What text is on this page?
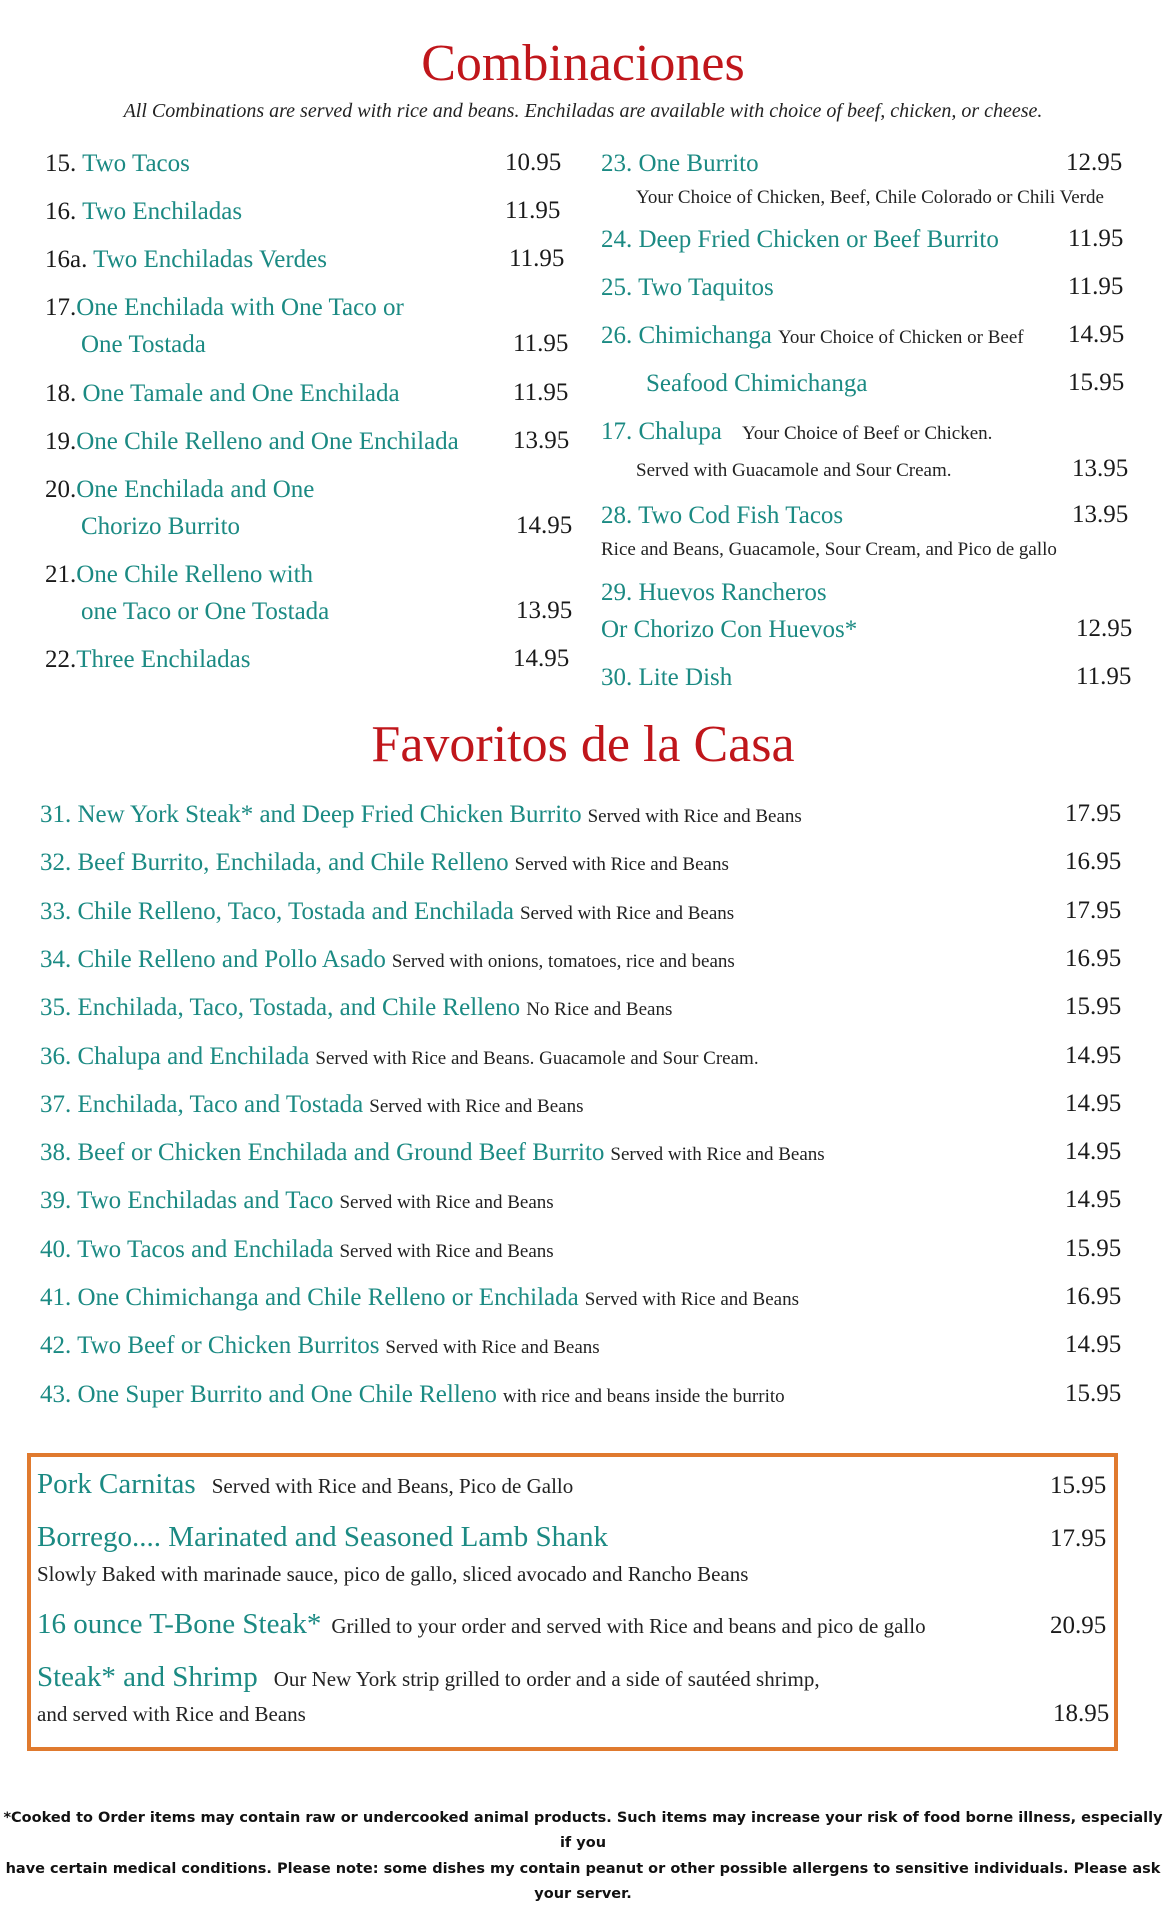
Combinaciones
All Combinations are served with rice and beans. Enchiladas are available with choice of beef, chicken, or cheese.
15. Two Tacos	10.95
16. Two Enchiladas	11.95
16a. Two Enchiladas Verdes	11.95
17.One Enchilada with One Taco or
One Tostada	11.95
18. One Tamale and One Enchilada	11.95
19.One Chile Relleno and One Enchilada 13.95
20.One Enchilada and One
Chorizo Burrito	14.95
21.One Chile Relleno with
one Taco or One Tostada	13.95
22.Three Enchiladas	14.95
23. One Burrito	12.95
Your Choice of Chicken, Beef, Chile Colorado or Chili Verde
24. Deep Fried Chicken or Beef Burrito	11.95
25. Two Taquitos	11.95
26. Chimichanga Your Choice of Chicken or Beef 14.95
Seafood Chimichanga	15.95
17. Chalupa Your Choice of Beef or Chicken.
Served with Guacamole and Sour Cream.	13.95
28. Two Cod Fish Tacos	13.95
Rice and Beans, Guacamole, Sour Cream, and Pico de gallo
29. Huevos Rancheros
Or Chorizo Con Huevos*	12.95
30. Lite Dish	11.95
Favoritos de la Casa
31. New York Steak* and Deep Fried Chicken Burrito Served with Rice and Beans	17.95
32. Beef Burrito, Enchilada, and Chile Relleno Served with Rice and Beans	16.95
33. Chile Relleno, Taco, Tostada and Enchilada Served with Rice and Beans	17.95
34. Chile Relleno and Pollo Asado Served with onions, tomatoes, rice and beans	16.95
35. Enchilada, Taco, Tostada, and Chile Relleno No Rice and Beans	15.95
36. Chalupa and Enchilada Served with Rice and Beans. Guacamole and Sour Cream.	14.95
37. Enchilada, Taco and Tostada Served with Rice and Beans	14.95
38. Beef or Chicken Enchilada and Ground Beef Burrito Served with Rice and Beans	14.95
39. Two Enchiladas and Taco Served with Rice and Beans	14.95
40. Two Tacos and Enchilada Served with Rice and Beans	15.95
41. One Chimichanga and Chile Relleno or Enchilada Served with Rice and Beans	16.95
42. Two Beef or Chicken Burritos Served with Rice and Beans	14.95
43. One Super Burrito and One Chile Relleno with rice and beans inside the burrito	15.95
Pork Carnitas Served with Rice and Beans, Pico de Gallo	15.95
Borrego.... Marinated and Seasoned Lamb Shank	17.95
Slowly Baked with marinade sauce, pico de gallo, sliced avocado and Rancho Beans
16 ounce T-Bone Steak* Grilled to your order and served with Rice and beans and pico de gallo	20.95
Steak* and Shrimp Our New York strip grilled to order and a side of sautéed shrimp,
and served with Rice and Beans	18.95
*Cooked to Order items may contain raw or undercooked animal products. Such items may increase your risk of food borne illness, especially if you
have certain medical conditions. Please note: some dishes my contain peanut or other possible allergens to sensitive individuals. Please ask your server.
